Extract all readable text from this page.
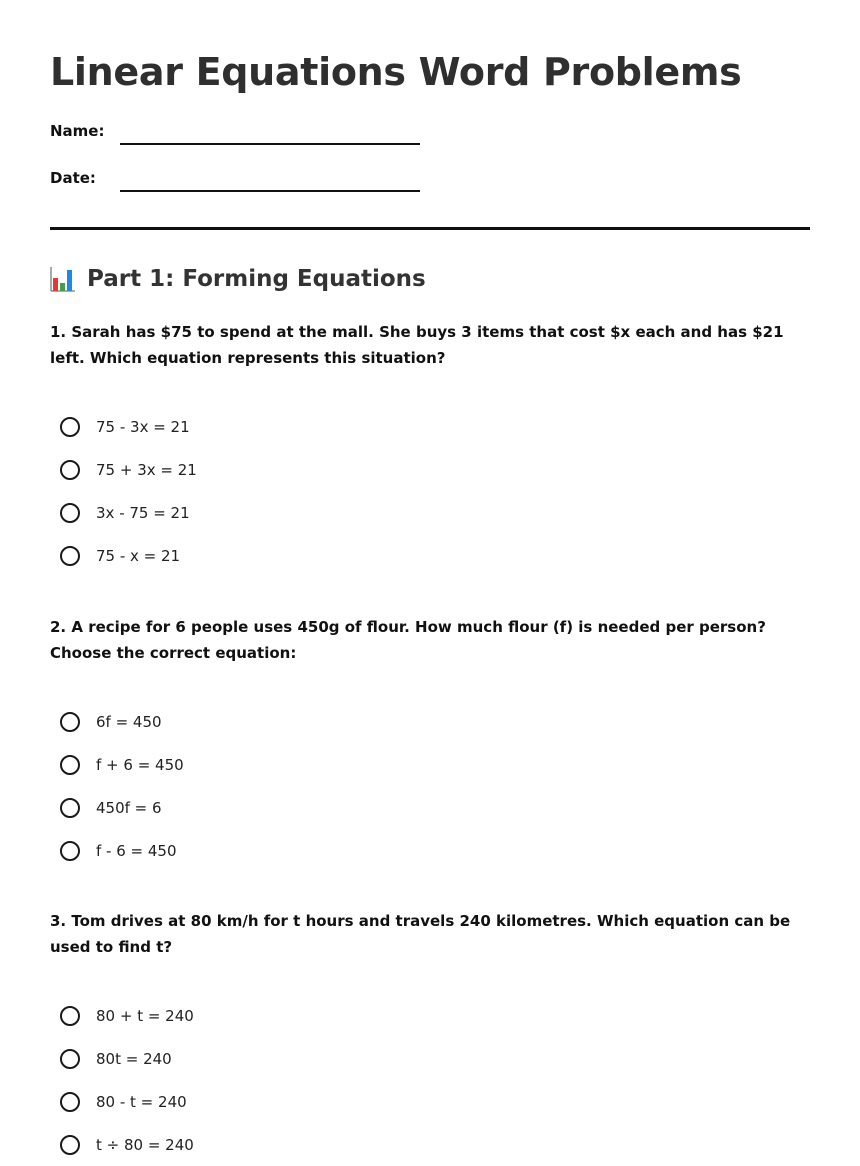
Linear Equations Word Problems
Name:
Date:
Part 1: Forming Equations

1. Sarah has $75 to spend at the mall. She buys 3 items that cost $x each and has $21 left. Which equation represents this situation?

75 - 3x = 21
75 + 3x = 21
3x - 75 = 21
75 - x = 21

2. A recipe for 6 people uses 450g of flour. How much flour (f) is needed per person? Choose the correct equation:

6f = 450
f + 6 = 450
450f = 6
f - 6 = 450

3. Tom drives at 80 km/h for t hours and travels 240 kilometres. Which equation can be used to find t?

80 + t = 240
80t = 240
80 - t = 240
t ÷ 80 = 240
